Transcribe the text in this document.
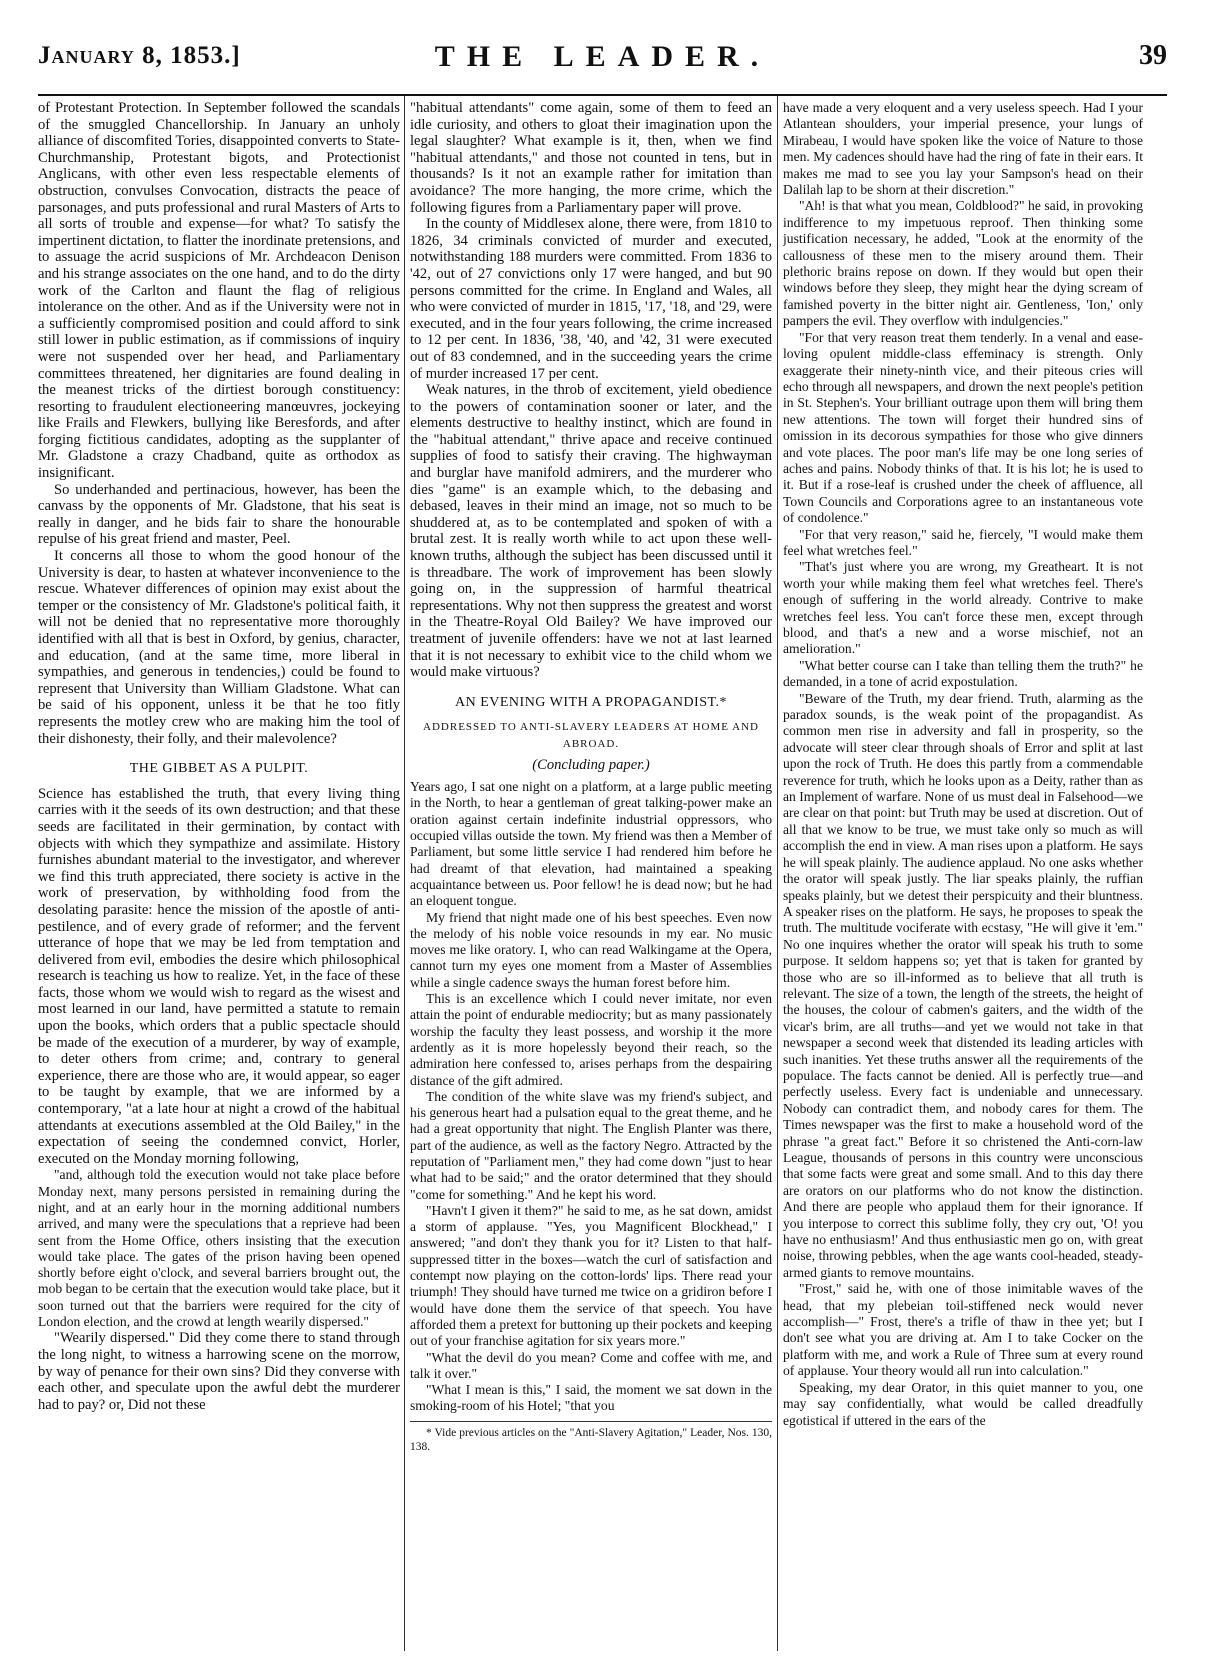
January 8, 1853.]	THE LEADER.	39

of Protestant Protection. In September followed the scandals of the smuggled Chancellorship. In January an unholy alliance of discomfited Tories, disappointed converts to State-Churchmanship, Protestant bigots, and Protectionist Anglicans, with other even less respectable elements of obstruction, convulses Convocation, distracts the peace of parsonages, and puts professional and rural Masters of Arts to all sorts of trouble and expense—for what? To satisfy the impertinent dictation, to flatter the inordinate pretensions, and to assuage the acrid suspicions of Mr. Archdeacon Denison and his strange associates on the one hand, and to do the dirty work of the Carlton and flaunt the flag of religious intolerance on the other. And as if the University were not in a sufficiently compromised position and could afford to sink still lower in public estimation, as if commissions of inquiry were not suspended over her head, and Parliamentary committees threatened, her dignitaries are found dealing in the meanest tricks of the dirtiest borough constituency: resorting to fraudulent electioneering manœuvres, jockeying like Frails and Flewkers, bullying like Beresfords, and after forging fictitious candidates, adopting as the supplanter of Mr. Gladstone a crazy Chadband, quite as orthodox as insignificant.

So underhanded and pertinacious, however, has been the canvass by the opponents of Mr. Gladstone, that his seat is really in danger, and he bids fair to share the honourable repulse of his great friend and master, Peel.

It concerns all those to whom the good honour of the University is dear, to hasten at whatever inconvenience to the rescue. Whatever differences of opinion may exist about the temper or the consistency of Mr. Gladstone's political faith, it will not be denied that no representative more thoroughly identified with all that is best in Oxford, by genius, character, and education, (and at the same time, more liberal in sympathies, and generous in tendencies,) could be found to represent that University than William Gladstone. What can be said of his opponent, unless it be that he too fitly represents the motley crew who are making him the tool of their dishonesty, their folly, and their malevolence?

THE GIBBET AS A PULPIT.

Science has established the truth, that every living thing carries with it the seeds of its own destruction; and that these seeds are facilitated in their germination, by contact with objects with which they sympathize and assimilate. History furnishes abundant material to the investigator, and wherever we find this truth appreciated, there society is active in the work of preservation, by withholding food from the desolating parasite: hence the mission of the apostle of anti-pestilence, and of every grade of reformer; and the fervent utterance of hope that we may be led from temptation and delivered from evil, embodies the desire which philosophical research is teaching us how to realize. Yet, in the face of these facts, those whom we would wish to regard as the wisest and most learned in our land, have permitted a statute to remain upon the books, which orders that a public spectacle should be made of the execution of a murderer, by way of example, to deter others from crime; and, contrary to general experience, there are those who are, it would appear, so eager to be taught by example, that we are informed by a contemporary, "at a late hour at night a crowd of the habitual attendants at executions assembled at the Old Bailey," in the expectation of seeing the condemned convict, Horler, executed on the Monday morning following,

"and, although told the execution would not take place before Monday next, many persons persisted in remaining during the night, and at an early hour in the morning additional numbers arrived, and many were the speculations that a reprieve had been sent from the Home Office, others insisting that the execution would take place. The gates of the prison having been opened shortly before eight o'clock, and several barriers brought out, the mob began to be certain that the execution would take place, but it soon turned out that the barriers were required for the city of London election, and the crowd at length wearily dispersed."

"Wearily dispersed." Did they come there to stand through the long night, to witness a harrowing scene on the morrow, by way of penance for their own sins? Did they converse with each other, and speculate upon the awful debt the murderer had to pay? or, Did not these

"habitual attendants" come again, some of them to feed an idle curiosity, and others to gloat their imagination upon the legal slaughter? What example is it, then, when we find "habitual attendants," and those not counted in tens, but in thousands? Is it not an example rather for imitation than avoidance? The more hanging, the more crime, which the following figures from a Parliamentary paper will prove.

In the county of Middlesex alone, there were, from 1810 to 1826, 34 criminals convicted of murder and executed, notwithstanding 188 murders were committed. From 1836 to '42, out of 27 convictions only 17 were hanged, and but 90 persons committed for the crime. In England and Wales, all who were convicted of murder in 1815, '17, '18, and '29, were executed, and in the four years following, the crime increased to 12 per cent. In 1836, '38, '40, and '42, 31 were executed out of 83 condemned, and in the succeeding years the crime of murder increased 17 per cent.

Weak natures, in the throb of excitement, yield obedience to the powers of contamination sooner or later, and the elements destructive to healthy instinct, which are found in the "habitual attendant," thrive apace and receive continued supplies of food to satisfy their craving. The highwayman and burglar have manifold admirers, and the murderer who dies "game" is an example which, to the debasing and debased, leaves in their mind an image, not so much to be shuddered at, as to be contemplated and spoken of with a brutal zest. It is really worth while to act upon these well-known truths, although the subject has been discussed until it is threadbare. The work of improvement has been slowly going on, in the suppression of harmful theatrical representations. Why not then suppress the greatest and worst in the Theatre-Royal Old Bailey? We have improved our treatment of juvenile offenders: have we not at last learned that it is not necessary to exhibit vice to the child whom we would make virtuous?

AN EVENING WITH A PROPAGANDIST.*
ADDRESSED TO ANTI-SLAVERY LEADERS AT HOME AND ABROAD.
(Concluding paper.)

Years ago, I sat one night on a platform, at a large public meeting in the North, to hear a gentleman of great talking-power make an oration against certain indefinite industrial oppressors, who occupied villas outside the town. My friend was then a Member of Parliament, but some little service I had rendered him before he had dreamt of that elevation, had maintained a speaking acquaintance between us. Poor fellow! he is dead now; but he had an eloquent tongue.

My friend that night made one of his best speeches. Even now the melody of his noble voice resounds in my ear. No music moves me like oratory. I, who can read Walkingame at the Opera, cannot turn my eyes one moment from a Master of Assemblies while a single cadence sways the human forest before him.

This is an excellence which I could never imitate, nor even attain the point of endurable mediocrity; but as many passionately worship the faculty they least possess, and worship it the more ardently as it is more hopelessly beyond their reach, so the admiration here confessed to, arises perhaps from the despairing distance of the gift admired.

The condition of the white slave was my friend's subject, and his generous heart had a pulsation equal to the great theme, and he had a great opportunity that night. The English Planter was there, part of the audience, as well as the factory Negro. Attracted by the reputation of "Parliament men," they had come down "just to hear what had to be said;" and the orator determined that they should "come for something." And he kept his word.

"Havn't I given it them?" he said to me, as he sat down, amidst a storm of applause. "Yes, you Magnificent Blockhead," I answered; "and don't they thank you for it? Listen to that half-suppressed titter in the boxes—watch the curl of satisfaction and contempt now playing on the cotton-lords' lips. There read your triumph! They should have turned me twice on a gridiron before I would have done them the service of that speech. You have afforded them a pretext for buttoning up their pockets and keeping out of your franchise agitation for six years more."

"What the devil do you mean? Come and coffee with me, and talk it over."

"What I mean is this," I said, the moment we sat down in the smoking-room of his Hotel; "that you

* Vide previous articles on the "Anti-Slavery Agitation," Leader, Nos. 130, 138.

have made a very eloquent and a very useless speech. Had I your Atlantean shoulders, your imperial presence, your lungs of Mirabeau, I would have spoken like the voice of Nature to those men. My cadences should have had the ring of fate in their ears. It makes me mad to see you lay your Sampson's head on their Dalilah lap to be shorn at their discretion."

"Ah! is that what you mean, Coldblood?" he said, in provoking indifference to my impetuous reproof. Then thinking some justification necessary, he added, "Look at the enormity of the callousness of these men to the misery around them. Their plethoric brains repose on down. If they would but open their windows before they sleep, they might hear the dying scream of famished poverty in the bitter night air. Gentleness, 'Ion,' only pampers the evil. They overflow with indulgencies."

"For that very reason treat them tenderly. In a venal and ease-loving opulent middle-class effeminacy is strength. Only exaggerate their ninety-ninth vice, and their piteous cries will echo through all newspapers, and drown the next people's petition in St. Stephen's. Your brilliant outrage upon them will bring them new attentions. The town will forget their hundred sins of omission in its decorous sympathies for those who give dinners and vote places. The poor man's life may be one long series of aches and pains. Nobody thinks of that. It is his lot; he is used to it. But if a rose-leaf is crushed under the cheek of affluence, all Town Councils and Corporations agree to an instantaneous vote of condolence."

"For that very reason," said he, fiercely, "I would make them feel what wretches feel."

"That's just where you are wrong, my Greatheart. It is not worth your while making them feel what wretches feel. There's enough of suffering in the world already. Contrive to make wretches feel less. You can't force these men, except through blood, and that's a new and a worse mischief, not an amelioration."

"What better course can I take than telling them the truth?" he demanded, in a tone of acrid expostulation.

"Beware of the Truth, my dear friend. Truth, alarming as the paradox sounds, is the weak point of the propagandist. As common men rise in adversity and fall in prosperity, so the advocate will steer clear through shoals of Error and split at last upon the rock of Truth. He does this partly from a commendable reverence for truth, which he looks upon as a Deity, rather than as an Implement of warfare. None of us must deal in Falsehood—we are clear on that point: but Truth may be used at discretion. Out of all that we know to be true, we must take only so much as will accomplish the end in view. A man rises upon a platform. He says he will speak plainly. The audience applaud. No one asks whether the orator will speak justly. The liar speaks plainly, the ruffian speaks plainly, but we detest their perspicuity and their bluntness. A speaker rises on the platform. He says, he proposes to speak the truth. The multitude vociferate with ecstasy, "He will give it 'em." No one inquires whether the orator will speak his truth to some purpose. It seldom happens so; yet that is taken for granted by those who are so ill-informed as to believe that all truth is relevant. The size of a town, the length of the streets, the height of the houses, the colour of cabmen's gaiters, and the width of the vicar's brim, are all truths—and yet we would not take in that newspaper a second week that distended its leading articles with such inanities. Yet these truths answer all the requirements of the populace. The facts cannot be denied. All is perfectly true—and perfectly useless. Every fact is undeniable and unnecessary. Nobody can contradict them, and nobody cares for them. The Times newspaper was the first to make a household word of the phrase "a great fact." Before it so christened the Anti-corn-law League, thousands of persons in this country were unconscious that some facts were great and some small. And to this day there are orators on our platforms who do not know the distinction. And there are people who applaud them for their ignorance. If you interpose to correct this sublime folly, they cry out, 'O! you have no enthusiasm!' And thus enthusiastic men go on, with great noise, throwing pebbles, when the age wants cool-headed, steady-armed giants to remove mountains.

"Frost," said he, with one of those inimitable waves of the head, that my plebeian toil-stiffened neck would never accomplish—" Frost, there's a trifle of thaw in thee yet; but I don't see what you are driving at. Am I to take Cocker on the platform with me, and work a Rule of Three sum at every round of applause. Your theory would all run into calculation."

Speaking, my dear Orator, in this quiet manner to you, one may say confidentially, what would be called dreadfully egotistical if uttered in the ears of the
